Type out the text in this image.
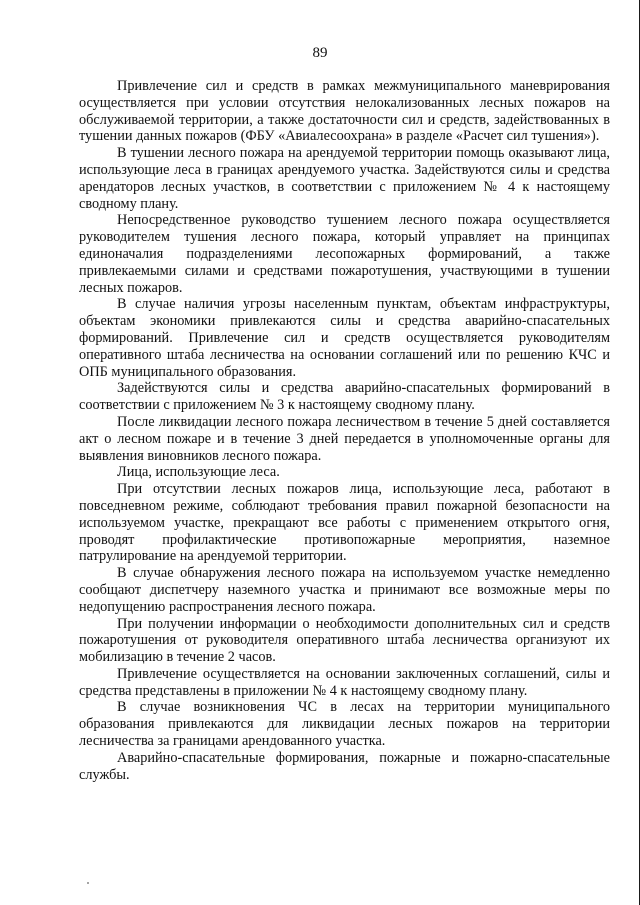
89

Привлечение сил и средств в рамках межмуниципального маневрирования осуществляется при условии отсутствия нелокализованных лесных пожаров на обслуживаемой территории, а также достаточности сил и средств, задействованных в тушении данных пожаров (ФБУ «Авиалесоохрана» в разделе «Расчет сил тушения»).

В тушении лесного пожара на арендуемой территории помощь оказывают лица, использующие леса в границах арендуемого участка. Задействуются силы и средства арендаторов лесных участков, в соответствии с приложением № 4 к настоящему сводному плану.

Непосредственное руководство тушением лесного пожара осуществляется руководителем тушения лесного пожара, который управляет на принципах единоначалия подразделениями лесопожарных формирований, а также привлекаемыми силами и средствами пожаротушения, участвующими в тушении лесных пожаров.

В случае наличия угрозы населенным пунктам, объектам инфраструктуры, объектам экономики привлекаются силы и средства аварийно-спасательных формирований. Привлечение сил и средств осуществляется руководителям оперативного штаба лесничества на основании соглашений или по решению КЧС и ОПБ муниципального образования.

Задействуются силы и средства аварийно-спасательных формирований в соответствии с приложением № 3 к настоящему сводному плану.

После ликвидации лесного пожара лесничеством в течение 5 дней составляется акт о лесном пожаре и в течение 3 дней передается в уполномоченные органы для выявления виновников лесного пожара.

Лица, использующие леса.

При отсутствии лесных пожаров лица, использующие леса, работают в повседневном режиме, соблюдают требования правил пожарной безопасности на используемом участке, прекращают все работы с применением открытого огня, проводят профилактические противопожарные мероприятия, наземное патрулирование на арендуемой территории.

В случае обнаружения лесного пожара на используемом участке немедленно сообщают диспетчеру наземного участка и принимают все возможные меры по недопущению распространения лесного пожара.

При получении информации о необходимости дополнительных сил и средств пожаротушения от руководителя оперативного штаба лесничества организуют их мобилизацию в течение 2 часов.

Привлечение осуществляется на основании заключенных соглашений, силы и средства представлены в приложении № 4 к настоящему сводному плану.

В случае возникновения ЧС в лесах на территории муниципального образования привлекаются для ликвидации лесных пожаров на территории лесничества за границами арендованного участка.

Аварийно-спасательные формирования, пожарные и пожарно-спасательные службы.
